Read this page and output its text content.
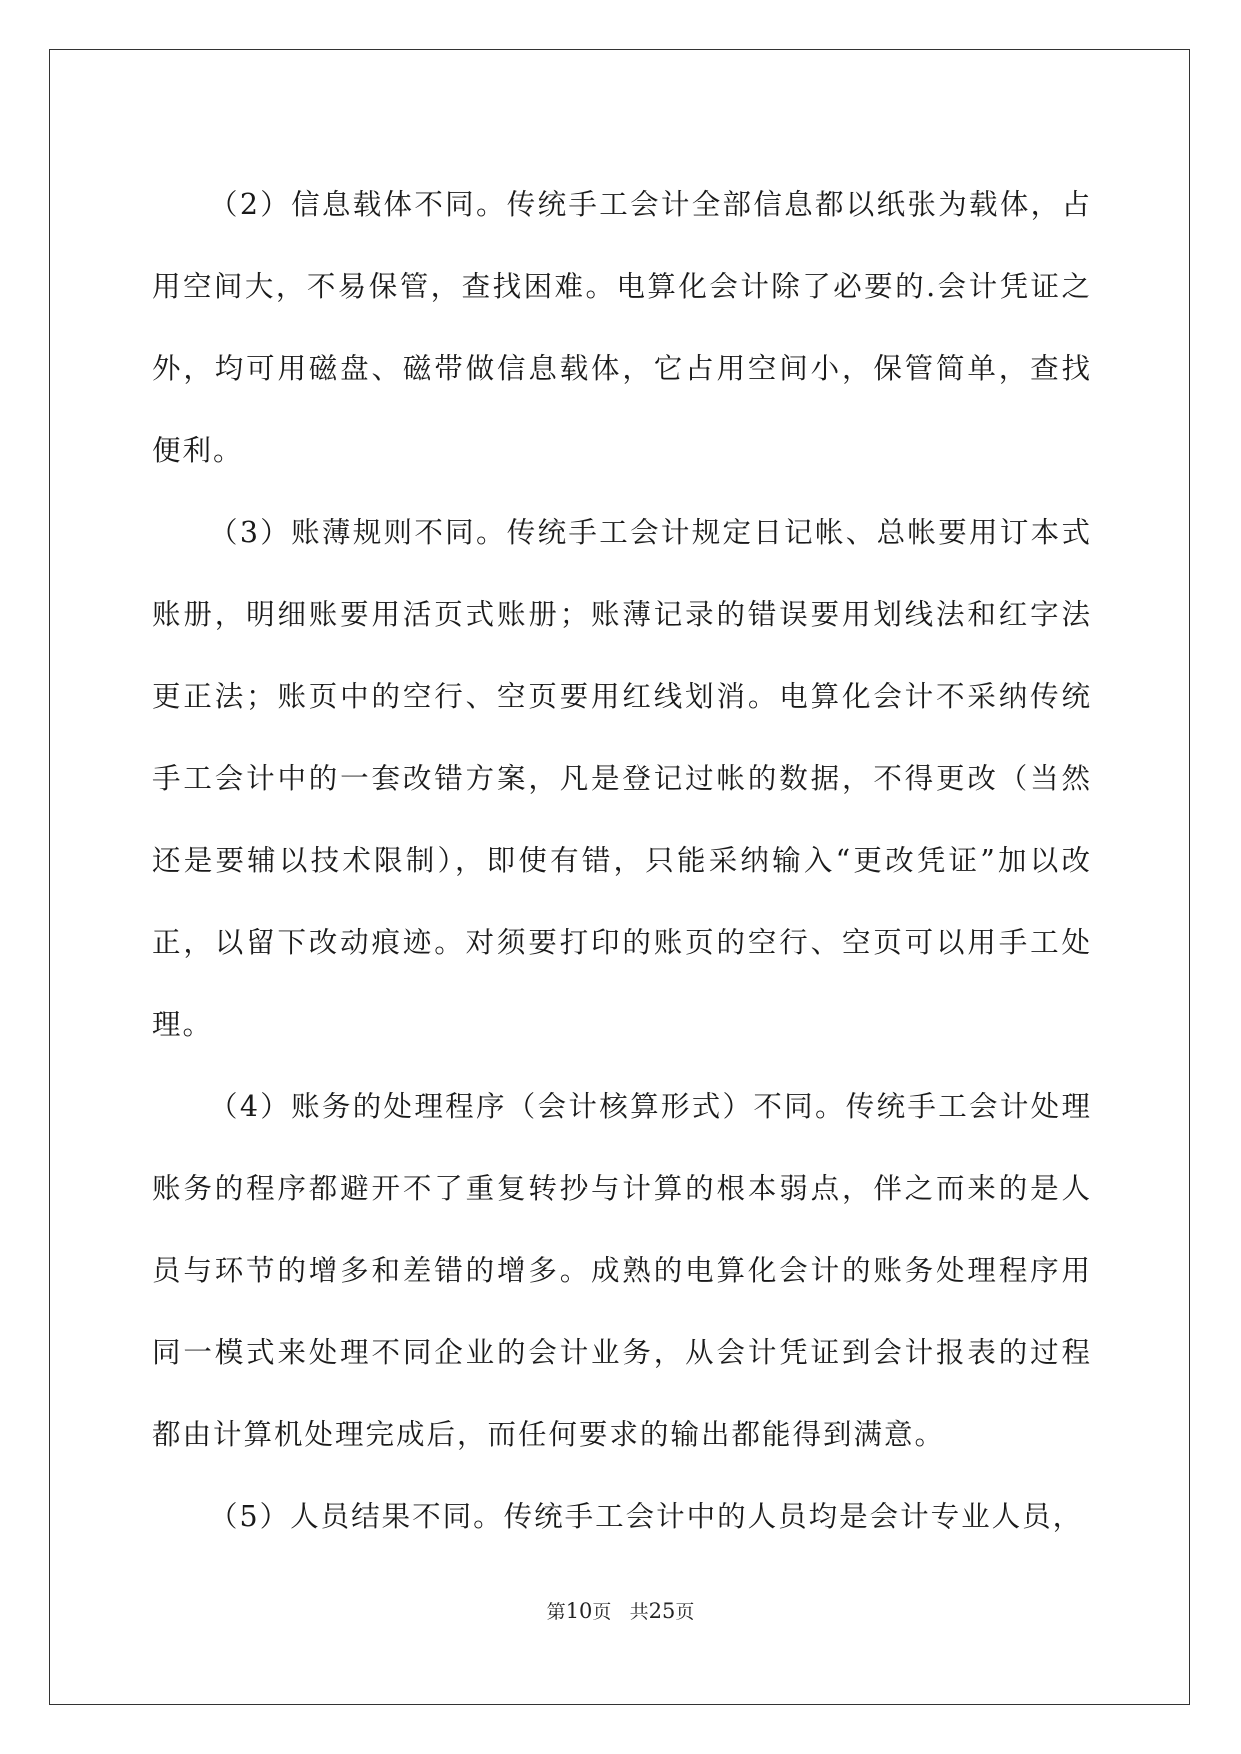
（2）信息载体不同。传统手工会计全部信息都以纸张为载体，占用空间大，不易保管，查找困难。电算化会计除了必要的.会计凭证之外，均可用磁盘、磁带做信息载体，它占用空间小，保管简单，查找便利。

（3）账薄规则不同。传统手工会计规定日记帐、总帐要用订本式账册，明细账要用活页式账册；账薄记录的错误要用划线法和红字法更正法；账页中的空行、空页要用红线划消。电算化会计不采纳传统手工会计中的一套改错方案，凡是登记过帐的数据，不得更改（当然还是要辅以技术限制），即使有错，只能采纳输入“更改凭证”加以改正，以留下改动痕迹。对须要打印的账页的空行、空页可以用手工处理。

（4）账务的处理程序（会计核算形式）不同。传统手工会计处理账务的程序都避开不了重复转抄与计算的根本弱点，伴之而来的是人员与环节的增多和差错的增多。成熟的电算化会计的账务处理程序用同一模式来处理不同企业的会计业务，从会计凭证到会计报表的过程都由计算机处理完成后，而任何要求的输出都能得到满意。

（5）人员结果不同。传统手工会计中的人员均是会计专业人员，

第10页 共25页
